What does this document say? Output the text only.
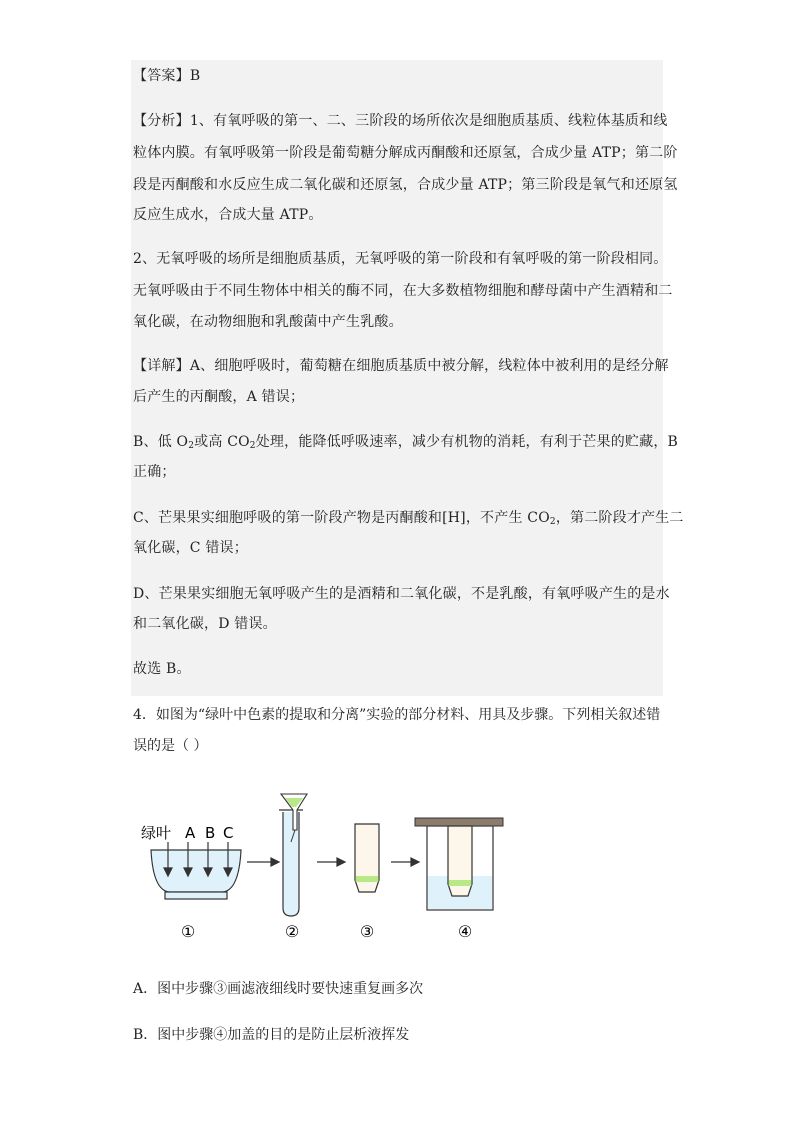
【答案】B
【分析】1、有氧呼吸的第一、二、三阶段的场所依次是细胞质基质、线粒体基质和线
粒体内膜。有氧呼吸第一阶段是葡萄糖分解成丙酮酸和还原氢，合成少量 ATP；第二阶
段是丙酮酸和水反应生成二氧化碳和还原氢，合成少量 ATP；第三阶段是氧气和还原氢
反应生成水，合成大量 ATP。
2、无氧呼吸的场所是细胞质基质，无氧呼吸的第一阶段和有氧呼吸的第一阶段相同。
无氧呼吸由于不同生物体中相关的酶不同，在大多数植物细胞和酵母菌中产生酒精和二
氧化碳，在动物细胞和乳酸菌中产生乳酸。
【详解】A、细胞呼吸时，葡萄糖在细胞质基质中被分解，线粒体中被利用的是经分解
后产生的丙酮酸，A 错误；
B、低 $O_2$或高 $CO_2$处理，能降低呼吸速率，减少有机物的消耗，有利于芒果的贮藏，B
正确；
C、芒果果实细胞呼吸的第一阶段产物是丙酮酸和[H]，不产生 $CO_2$，第二阶段才产生二
氧化碳，C 错误；
D、芒果果实细胞无氧呼吸产生的是酒精和二氧化碳，不是乳酸，有氧呼吸产生的是水
和二氧化碳，D 错误。
故选 B。
4．如图为“绿叶中色素的提取和分离”实验的部分材料、用具及步骤。下列相关叙述错
误的是（ ）
绿叶 A B C
①	②	③	④
A．图中步骤③画滤液细线时要快速重复画多次
B．图中步骤④加盖的目的是防止层析液挥发
